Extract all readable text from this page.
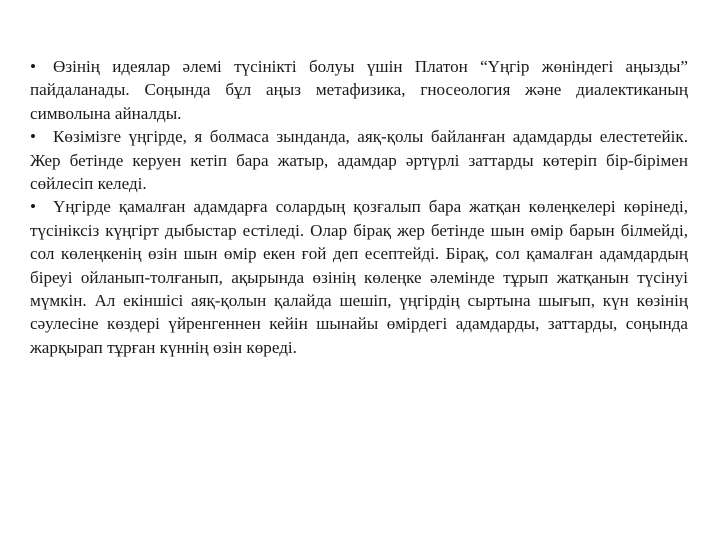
• Өзінің идеялар әлемі түсінікті болуы үшін Платон “Үңгір жөніндегі аңызды” пайдаланады. Соңында бұл аңыз метафизика, гносеология және диалектиканың символына айналды.

• Көзімізге үңгірде, я болмаса зынданда, аяқ-қолы байланған адамдарды елестетейік. Жер бетінде керуен кетіп бара жатыр, адамдар әртүрлі заттарды көтеріп бір-бірімен сөйлесіп келеді.

• Үңгірде қамалған адамдарға солардың қозғалып бара жатқан көлеңкелері көрінеді, түсініксіз күңгірт дыбыстар естіледі. Олар бірақ жер бетінде шын өмір барын білмейді, сол көлеңкенің өзін шын өмір екен ғой деп есептейді. Бірақ, сол қамалған адамдардың біреуі ойланып-толғанып, ақырында өзінің көлеңке әлемінде тұрып жатқанын түсінуі мүмкін. Ал екіншісі аяқ-қолын қалайда шешіп, үңгірдің сыртына шығып, күн көзінің сәулесіне көздері үйренгеннен кейін шынайы өмірдегі адамдарды, заттарды, соңында жарқырап тұрған күннің өзін көреді.
